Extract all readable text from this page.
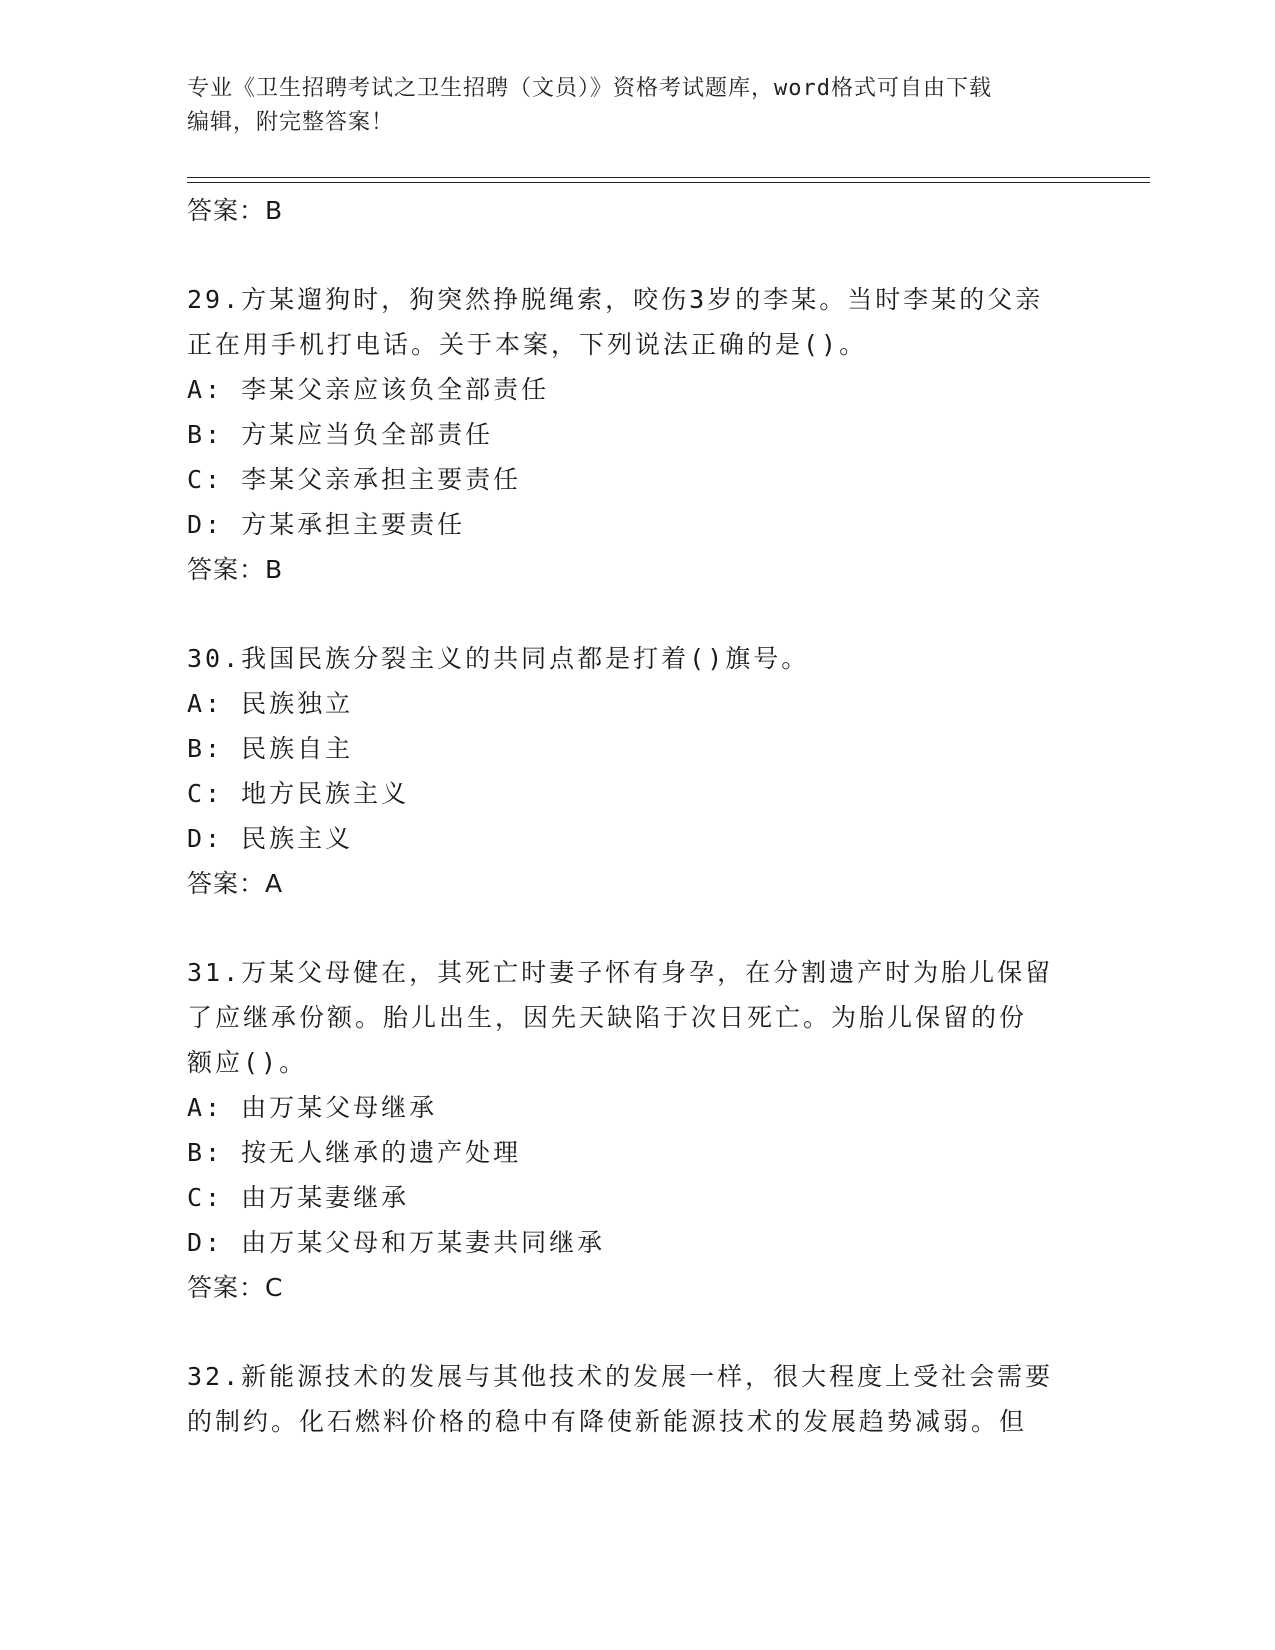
专业《卫生招聘考试之卫生招聘（文员）》资格考试题库，word格式可自由下载
编辑，附完整答案！
答案：B
29.方某遛狗时，狗突然挣脱绳索，咬伤3岁的李某。当时李某的父亲
正在用手机打电话。关于本案，下列说法正确的是()。
A: 李某父亲应该负全部责任
B: 方某应当负全部责任
C: 李某父亲承担主要责任
D: 方某承担主要责任
答案：B
30.我国民族分裂主义的共同点都是打着()旗号。
A: 民族独立
B: 民族自主
C: 地方民族主义
D: 民族主义
答案：A
31.万某父母健在，其死亡时妻子怀有身孕，在分割遗产时为胎儿保留
了应继承份额。胎儿出生，因先天缺陷于次日死亡。为胎儿保留的份
额应()。
A: 由万某父母继承
B: 按无人继承的遗产处理
C: 由万某妻继承
D: 由万某父母和万某妻共同继承
答案：C
32.新能源技术的发展与其他技术的发展一样，很大程度上受社会需要
的制约。化石燃料价格的稳中有降使新能源技术的发展趋势减弱。但
